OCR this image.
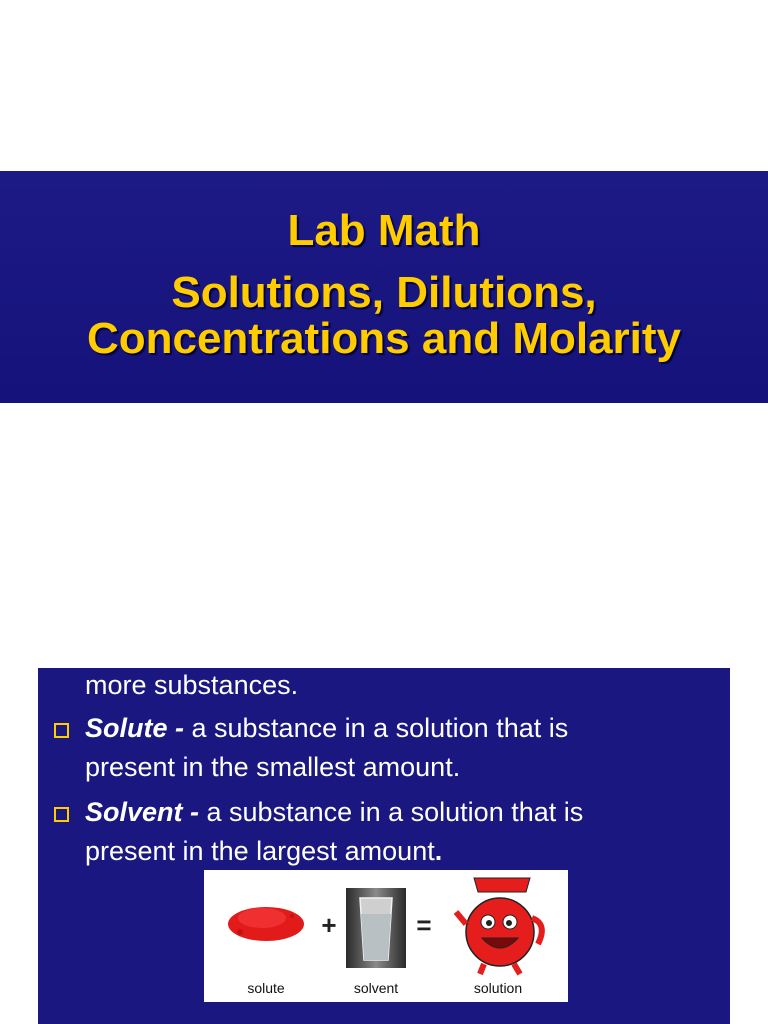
Lab Math
Solutions, Dilutions,
Concentrations and Molarity
more substances.
Solute - a substance in a solution that is
present in the smallest amount.
Solvent - a substance in a solution that is
present in the largest amount.
+	=
solute	solvent	solution
